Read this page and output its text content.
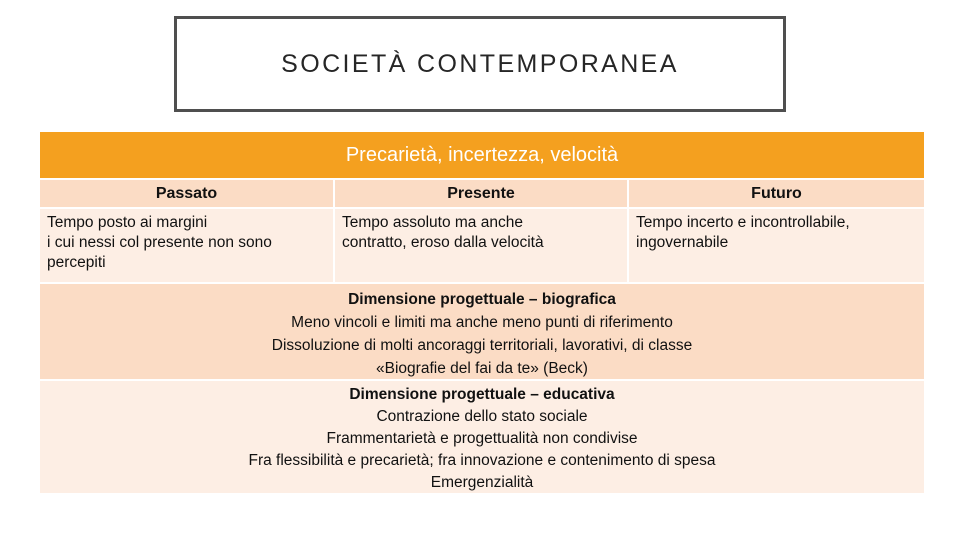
SOCIETÀ CONTEMPORANEA
Precarietà, incertezza, velocità
Passato	Presente	Futuro
Tempo posto ai margini
i cui nessi col presente non sono
percepiti
Tempo assoluto ma anche
contratto, eroso dalla velocità
Tempo incerto e incontrollabile,
ingovernabile
Dimensione progettuale – biografica
Meno vincoli e limiti ma anche meno punti di riferimento
Dissoluzione di molti ancoraggi territoriali, lavorativi, di classe
«Biografie del fai da te» (Beck)
Dimensione progettuale – educativa
Contrazione dello stato sociale
Frammentarietà e progettualità non condivise
Fra flessibilità e precarietà; fra innovazione e contenimento di spesa
Emergenzialità
